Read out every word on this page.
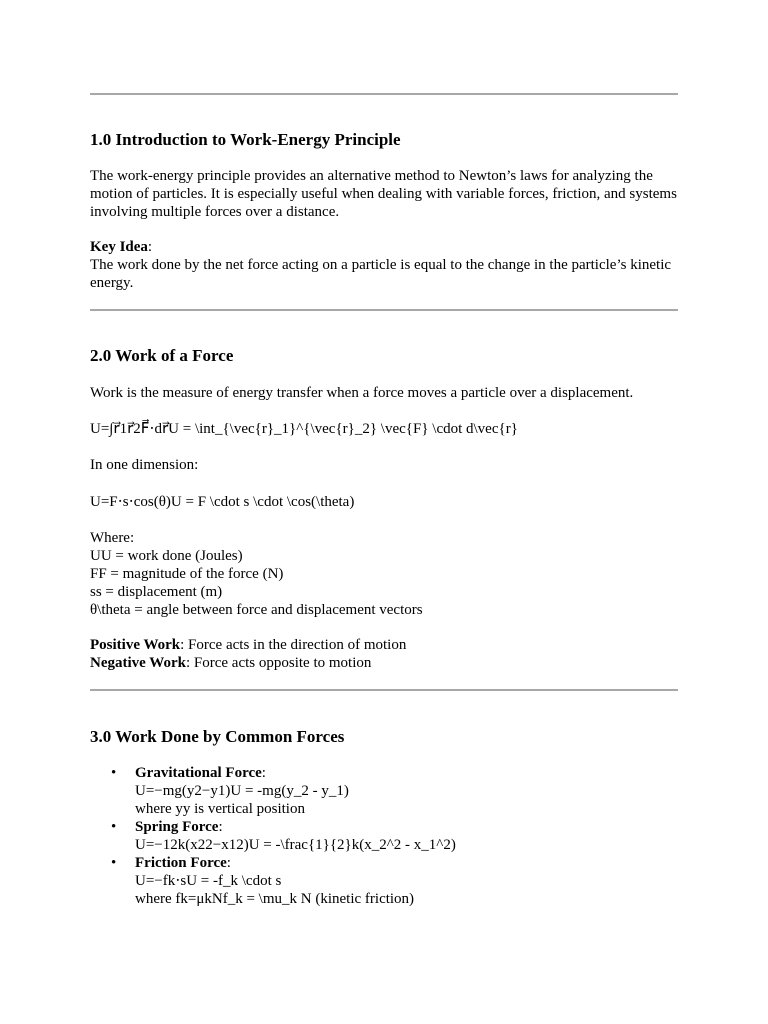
1.0 Introduction to Work-Energy Principle

The work-energy principle provides an alternative method to Newton’s laws for analyzing the motion of particles. It is especially useful when dealing with variable forces, friction, and systems involving multiple forces over a distance.

Key Idea:

The work done by the net force acting on a particle is equal to the change in the particle’s kinetic energy.

2.0 Work of a Force

Work is the measure of energy transfer when a force moves a particle over a displacement.

U=∫r⃗1r⃗2F⃗⋅dr⃗U = \int_{\vec{r}_1}^{\vec{r}_2} \vec{F} \cdot d\vec{r}

In one dimension:

U=F⋅s⋅cos⁡(θ)U = F \cdot s \cdot \cos(\theta)

Where:

UU = work done (Joules)

FF = magnitude of the force (N)

ss = displacement (m)

θ\theta = angle between force and displacement vectors

Positive Work: Force acts in the direction of motion

Negative Work: Force acts opposite to motion

3.0 Work Done by Common Forces
• Gravitational Force:

U=−mg(y2−y1)U = -mg(y_2 - y_1)

where yy is vertical position

• Spring Force:

U=−12k(x22−x12)U = -\frac{1}{2}k(x_2^2 - x_1^2)

• Friction Force:

U=−fk⋅sU = -f_k \cdot s

where fk=μkNf_k = \mu_k N (kinetic friction)
